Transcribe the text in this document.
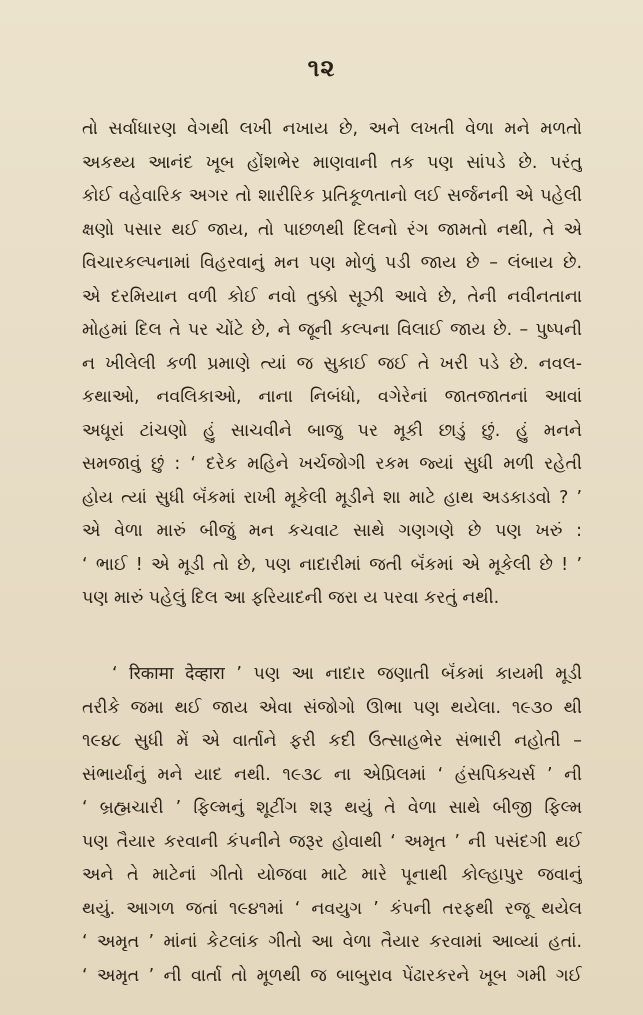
૧૨
તો સર્વાધારણ વેગથી લખી નખાય છે, અને લખતી વેળા મને મળતો
અકથ્ય આનંદ ખૂબ હોંશભેર માણવાની તક પણ સાંપડે છે. પરંતુ
કોઈ વહેવારિક અગર તો શારીરિક પ્રતિકૂળતાનો લઈ સર્જનની એ પહેલી
ક્ષણો પસાર થઈ જાય, તો પાછળથી દિલનો રંગ જામતો નથી, તે એ
વિચારકલ્પનામાં વિહરવાનું મન પણ મોળું પડી જાય છે – લંબાય છે.
એ દરમિયાન વળી કોઈ નવો તુક્કો સૂઝી આવે છે, તેની નવીનતાના
મોહમાં દિલ તે પર ચોંટે છે, ને જૂની કલ્પના વિલાઈ જાય છે. – પુષ્પની
ન ખીલેલી કળી પ્રમાણે ત્યાં જ સુકાઈ જઈ તે ખરી પડે છે. નવલ-
કથાઓ, નવલિકાઓ, નાના નિબંધો, વગેરેનાં જાતજાતનાં આવાં
અધૂરાં ટાંચણો હું સાચવીને બાજુ પર મૂકી છાડું છું. હું મનને
સમજાવું છું : ‘ દરેક મહિને ખર્ચજોગી રકમ જ્યાં સુધી મળી રહેતી
હોય ત્યાં સુધી બૅંકમાં રાખી મૂકેલી મૂડીને શા માટે હાથ અડકાડવો ? ’
એ વેળા મારું બીજું મન કચવાટ સાથે ગણગણે છે પણ ખરું :
‘ ભાઈ ! એ મૂડી તો છે, પણ નાદારીમાં જતી બૅંકમાં એ મૂકેલી છે ! ’
પણ મારું પહેલું દિલ આ ફરિયાદની જરા ય પરવા કરતું નથી.
‘ रिकामा देव्हारा ’ પણ આ નાદાર જણાતી બૅંકમાં કાયમી મૂડી
તરીકે જમા થઈ જાય એવા સંજોગો ઊભા પણ થયેલા. ૧૯૩૦ થી
૧૯૪૮ સુધી મેં એ વાર્તાને ફરી કદી ઉત્સાહભેર સંભારી નહોતી –
સંભાર્યાનું મને યાદ નથી. ૧૯૩૮ ના એપ્રિલમાં ‘ હંસપિક્ચર્સ ’ ની
‘ બ્રહ્મચારી ’ ફિલ્મનું શૂટીંગ શરૂ થયું તે વેળા સાથે બીજી ફિલ્મ
પણ તૈયાર કરવાની કંપનીને જરૂર હોવાથી ‘ અમૃત ’ ની પસંદગી થઈ
અને તે માટેનાં ગીતો યોજવા માટે મારે પૂનાથી કોલ્હાપુર જવાનું
થયું. આગળ જતાં ૧૯૪૧માં ‘ નવયુગ ’ કંપની તરફથી રજૂ થયેલ
‘ અમૃત ’ માંનાં કેટલાંક ગીતો આ વેળા તૈયાર કરવામાં આવ્યાં હતાં.
‘ અમૃત ’ ની વાર્તા તો મૂળથી જ બાબુરાવ પેંઢારકરને ખૂબ ગમી ગઈ
